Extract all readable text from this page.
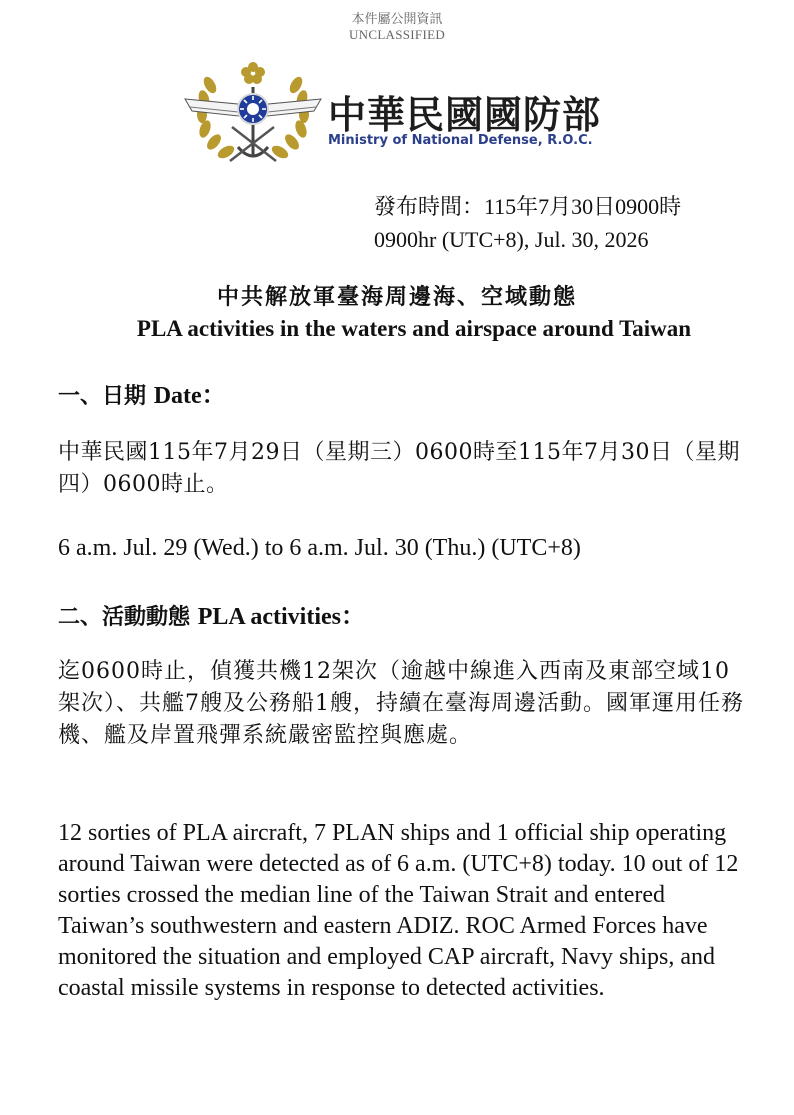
本件屬公開資訊
UNCLASSIFIED
中華民國國防部
Ministry of National Defense, R.O.C.
發布時間：115年7月30日0900時
0900hr (UTC+8), Jul. 30, 2026
中共解放軍臺海周邊海、空域動態
PLA activities in the waters and airspace around Taiwan
一、日期 Date：
中華民國115年7月29日（星期三）0600時至115年7月30日（星期四）0600時止。
6 a.m. Jul. 29 (Wed.) to 6 a.m. Jul. 30 (Thu.) (UTC+8)
二、活動動態 PLA activities：
迄0600時止，偵獲共機12架次（逾越中線進入西南及東部空域10架次）、共艦7艘及公務船1艘，持續在臺海周邊活動。國軍運用任務機、艦及岸置飛彈系統嚴密監控與應處。
12 sorties of PLA aircraft, 7 PLAN ships and 1 official ship operating around Taiwan were detected as of 6 a.m. (UTC+8) today. 10 out of 12 sorties crossed the median line of the Taiwan Strait and entered Taiwan’s southwestern and eastern ADIZ. ROC Armed Forces have monitored the situation and employed CAP aircraft, Navy ships, and coastal missile systems in response to detected activities.
